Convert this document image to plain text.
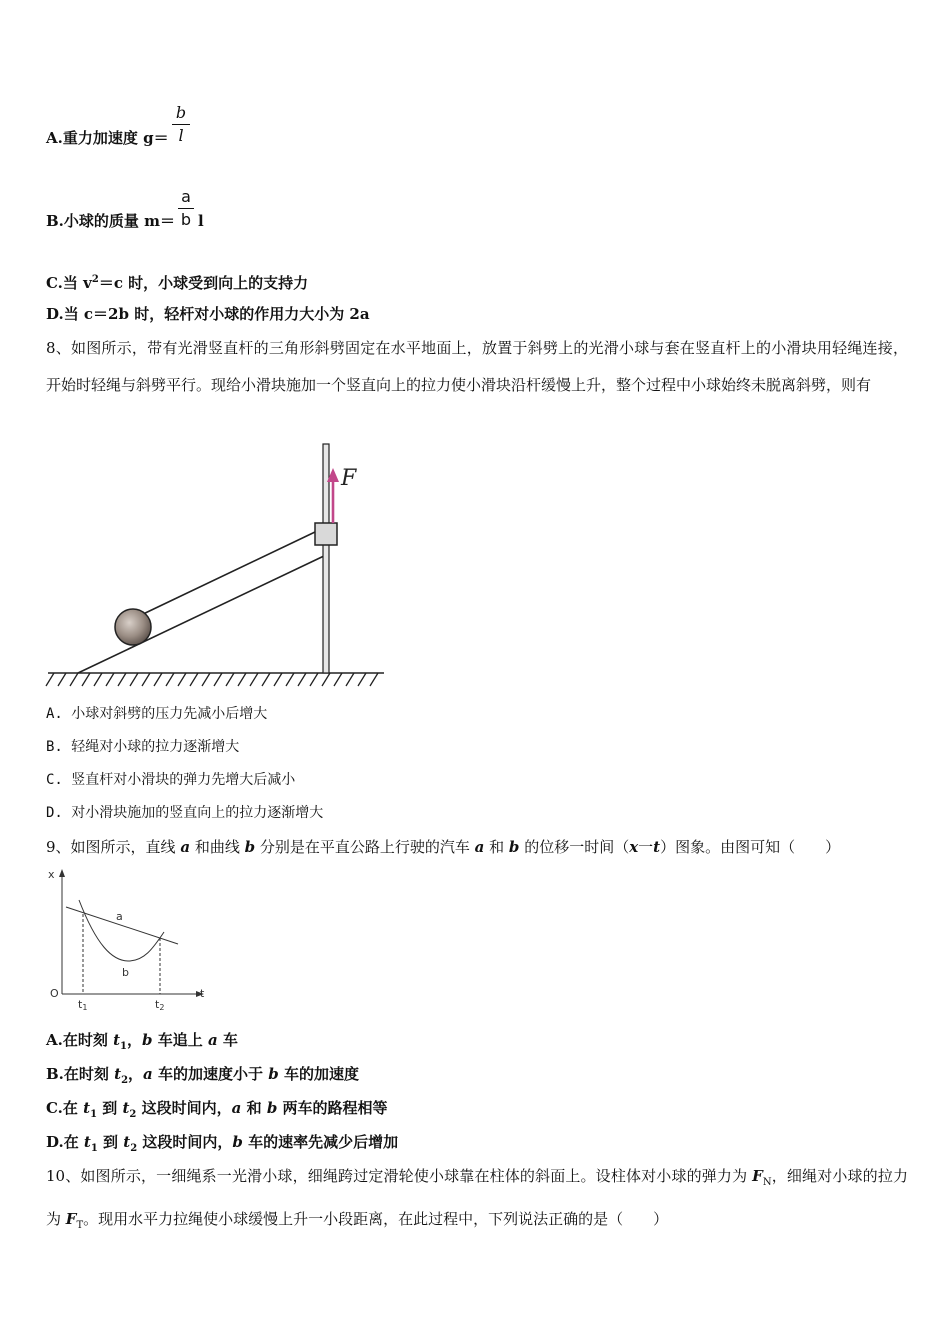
A.重力加速度 $g= \frac{b}{l}$
B.小球的质量 $m= \frac{a}{b}$ l
C.当 $v^2=c$ 时，小球受到向上的支持力
D.当 c＝2b 时，轻杆对小球的作用力大小为 2a
8、如图所示，带有光滑竖直杆的三角形斜劈固定在水平地面上，放置于斜劈上的光滑小球与套在竖直杆上的小滑块用轻绳连接，开始时轻绳与斜劈平行。现给小滑块施加一个竖直向上的拉力使小滑块沿杆缓慢上升，整个过程中小球始终未脱离斜劈，则有
F
A. 小球对斜劈的压力先减小后增大
B. 轻绳对小球的拉力逐渐增大
C. 竖直杆对小滑块的弹力先增大后减小
D. 对小滑块施加的竖直向上的拉力逐渐增大
9、如图所示，直线 a 和曲线 b 分别是在平直公路上行驶的汽车 a 和 b 的位移一时间（x一t）图象。由图可知（　　）
x
t
O
a
b
t1	t2
A.在时刻 $t_1$，b 车追上 a 车
B.在时刻 $t_2$，a 车的加速度小于 b 车的加速度
C.在 $t_1$ 到 $t_2$ 这段时间内，a 和 b 两车的路程相等
D.在 $t_1$ 到 $t_2$ 这段时间内，b 车的速率先减少后增加
10、如图所示，一细绳系一光滑小球，细绳跨过定滑轮使小球靠在柱体的斜面上。设柱体对小球的弹力为 $F_N$，细绳对小球的拉力为 $F_T$。现用水平力拉绳使小球缓慢上升一小段距离，在此过程中，下列说法正确的是（　　）
